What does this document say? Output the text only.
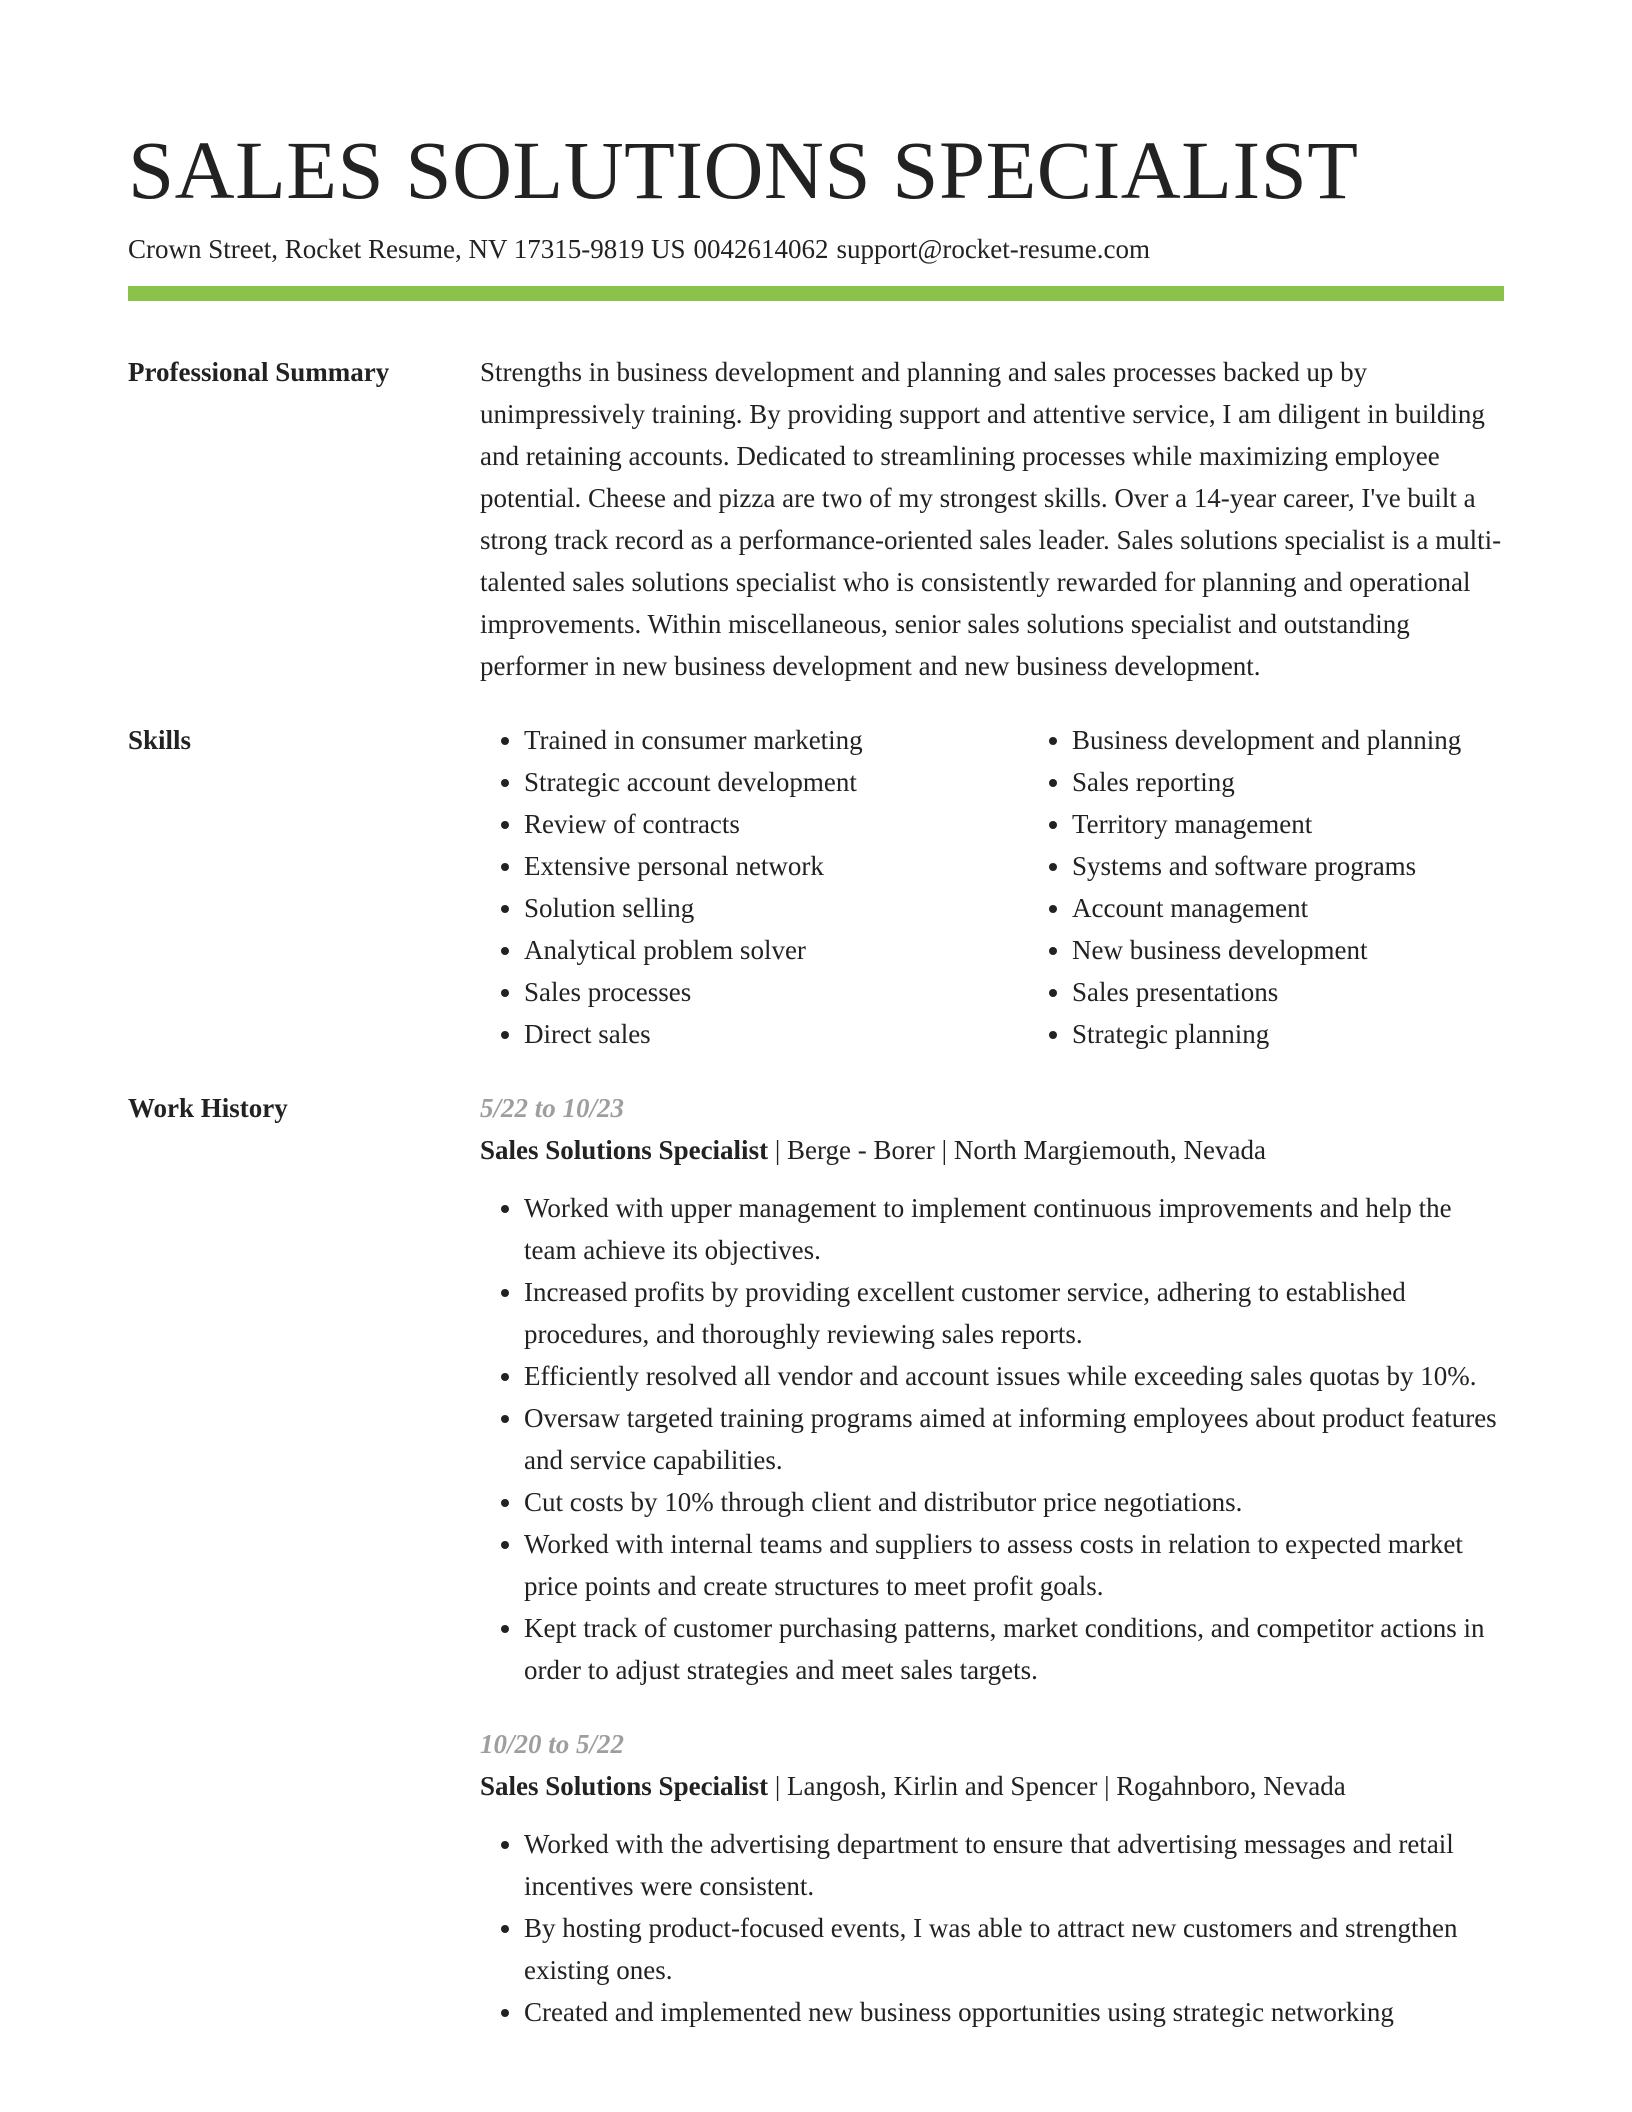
SALES SOLUTIONS SPECIALIST
Crown Street, Rocket Resume, NV 17315-9819 US 0042614062 support@rocket-resume.com
Professional Summary	Strengths in business development and planning and sales processes backed up by unimpressively training. By providing support and attentive service, I am diligent in building and retaining accounts. Dedicated to streamlining processes while maximizing employee potential. Cheese and pizza are two of my strongest skills. Over a 14-year career, I've built a strong track record as a performance-oriented sales leader. Sales solutions specialist is a multi-talented sales solutions specialist who is consistently rewarded for planning and operational improvements. Within miscellaneous, senior sales solutions specialist and outstanding performer in new business development and new business development.

Skills
•	Trained in consumer marketing
• Strategic account development
• Review of contracts
• Extensive personal network
• Solution selling
• Analytical problem solver
• Sales processes
• Direct sales
• Business development and planning
• Sales reporting
• Territory management
• Systems and software programs
• Account management
• New business development
• Sales presentations
• Strategic planning
Work History	5/22 to 10/23
Sales Solutions Specialist | Berge - Borer | North Margiemouth, Nevada
• Worked with upper management to implement continuous improvements and help the team achieve its objectives.
• Increased profits by providing excellent customer service, adhering to established procedures, and thoroughly reviewing sales reports.
• Efficiently resolved all vendor and account issues while exceeding sales quotas by 10%.
• Oversaw targeted training programs aimed at informing employees about product features and service capabilities.
• Cut costs by 10% through client and distributor price negotiations.
• Worked with internal teams and suppliers to assess costs in relation to expected market price points and create structures to meet profit goals.
• Kept track of customer purchasing patterns, market conditions, and competitor actions in order to adjust strategies and meet sales targets.
10/20 to 5/22
Sales Solutions Specialist | Langosh, Kirlin and Spencer | Rogahnboro, Nevada
• Worked with the advertising department to ensure that advertising messages and retail incentives were consistent.
• By hosting product-focused events, I was able to attract new customers and strengthen existing ones.
• Created and implemented new business opportunities using strategic networking
